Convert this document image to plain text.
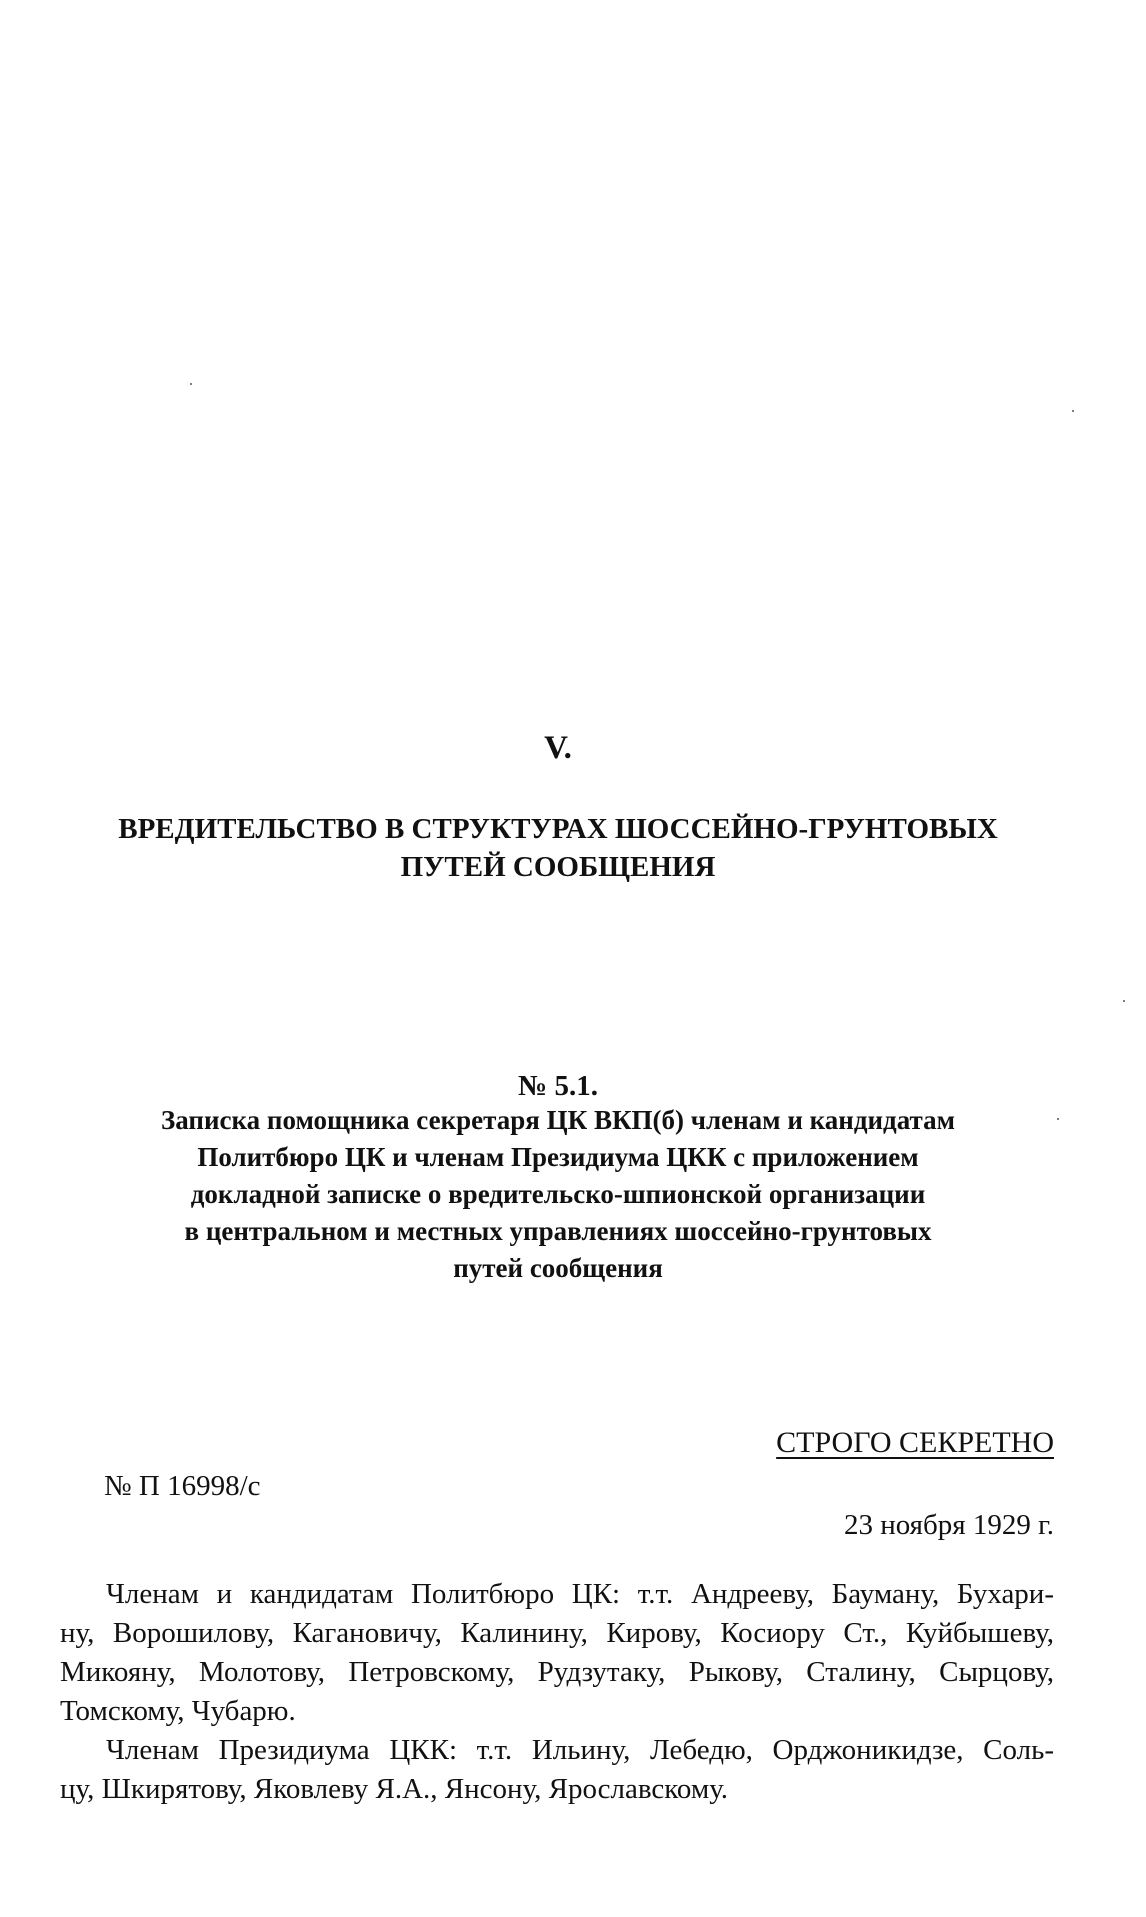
V.
ВРЕДИТЕЛЬСТВО В СТРУКТУРАХ ШОССЕЙНО-ГРУНТОВЫХ
ПУТЕЙ СООБЩЕНИЯ
№ 5.1.
Записка помощника секретаря ЦК ВКП(б) членам и кандидатам
Политбюро ЦК и членам Президиума ЦКК с приложением
докладной записке о вредительско-шпионской организации
в центральном и местных управлениях шоссейно-грунтовых
путей сообщения
СТРОГО СЕКРЕТНО
№ П 16998/с
23 ноября 1929 г.

Членам и кандидатам Политбюро ЦК: т.т. Андрееву, Бауману, Бухари-
ну, Ворошилову, Кагановичу, Калинину, Кирову, Косиору Ст., Куйбышеву,
Микояну, Молотову, Петровскому, Рудзутаку, Рыкову, Сталину, Сырцову,
Томскому, Чубарю.

Членам Президиума ЦКК: т.т. Ильину, Лебедю, Орджоникидзе, Соль-
цу, Шкирятову, Яковлеву Я.А., Янсону, Ярославскому.
